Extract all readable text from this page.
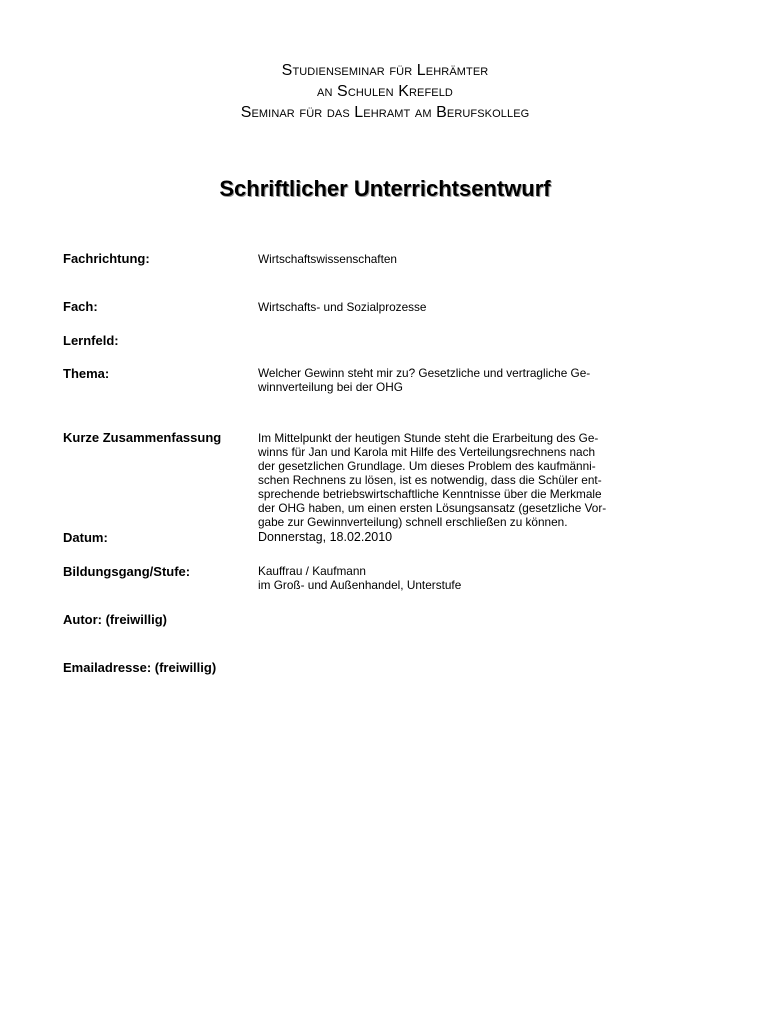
Studienseminar für Lehrämter
an Schulen Krefeld
Seminar für das Lehramt am Berufskolleg
Schriftlicher Unterrichtsentwurf
Fachrichtung:	Wirtschaftswissenschaften
Fach:	Wirtschafts- und Sozialprozesse
Lernfeld:
Thema:	Welcher Gewinn steht mir zu? Gesetzliche und vertragliche Ge-
winnverteilung bei der OHG
Kurze Zusammenfassung	Im Mittelpunkt der heutigen Stunde steht die Erarbeitung des Ge-
winns für Jan und Karola mit Hilfe des Verteilungsrechnens nach
der gesetzlichen Grundlage. Um dieses Problem des kaufmänni-
schen Rechnens zu lösen, ist es notwendig, dass die Schüler ent-
sprechende betriebswirtschaftliche Kenntnisse über die Merkmale
der OHG haben, um einen ersten Lösungsansatz (gesetzliche Vor-
gabe zur Gewinnverteilung) schnell erschließen zu können.
Datum:	Donnerstag, 18.02.2010
Bildungsgang/Stufe:	Kauffrau / Kaufmann
im Groß- und Außenhandel, Unterstufe
Autor: (freiwillig)
Emailadresse: (freiwillig)
